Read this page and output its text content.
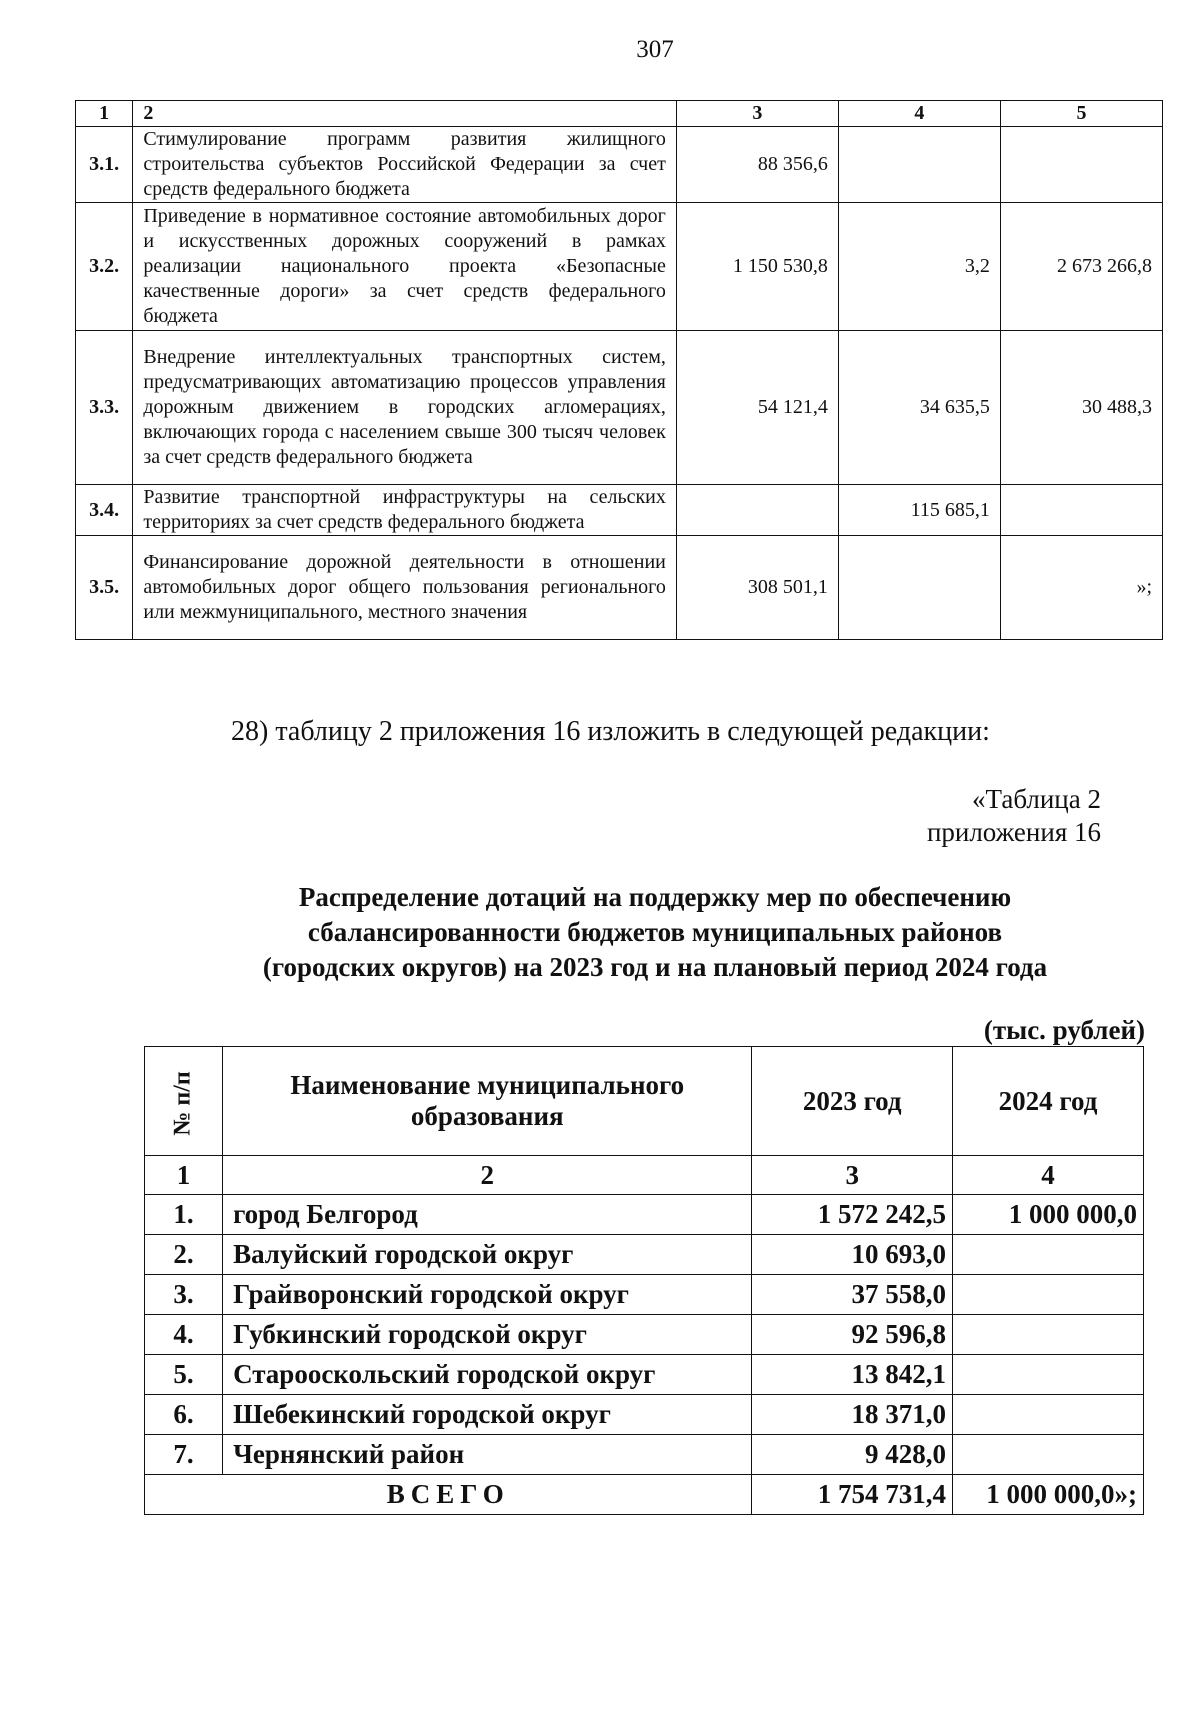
307
1	2	3	4	5
3.1.	Стимулирование программ развития жилищного строительства субъектов Российской Федерации за счет средств федерального бюджета	88 356,6		
3.2.	Приведение в нормативное состояние автомобильных дорог и искусственных дорожных сооружений в рамках реализации национального проекта «Безопасные качественные дороги» за счет средств федерального бюджета	1 150 530,8	3,2	2 673 266,8
3.3.	Внедрение интеллектуальных транспортных систем, предусматривающих автоматизацию процессов управления дорожным движением в городских агломерациях, включающих города с населением свыше 300 тысяч человек за счет средств федерального бюджета	54 121,4	34 635,5	30 488,3
3.4.	Развитие транспортной инфраструктуры на сельских территориях за счет средств федерального бюджета		115 685,1	
3.5.	Финансирование дорожной деятельности в отношении автомобильных дорог общего пользования регионального или межмуниципального, местного значения	308 501,1		»;
28) таблицу 2 приложения 16 изложить в следующей редакции:
«Таблица 2
приложения 16
Распределение дотаций на поддержку мер по обеспечению
сбалансированности бюджетов муниципальных районов
(городских округов) на 2023 год и на плановый период 2024 года
(тыс. рублей)
№ п/п	Наименование муниципального образования	2023 год	2024 год
1	2	3	4
1.	город Белгород	1 572 242,5	1 000 000,0
2.	Валуйский городской округ	10 693,0	
3.	Грайворонский городской округ	37 558,0	
4.	Губкинский городской округ	92 596,8	
5.	Старооскольский городской округ	13 842,1	
6.	Шебекинский городской округ	18 371,0	
7.	Чернянский район	9 428,0	
ВСЕГО		1 754 731,4	1 000 000,0»;
